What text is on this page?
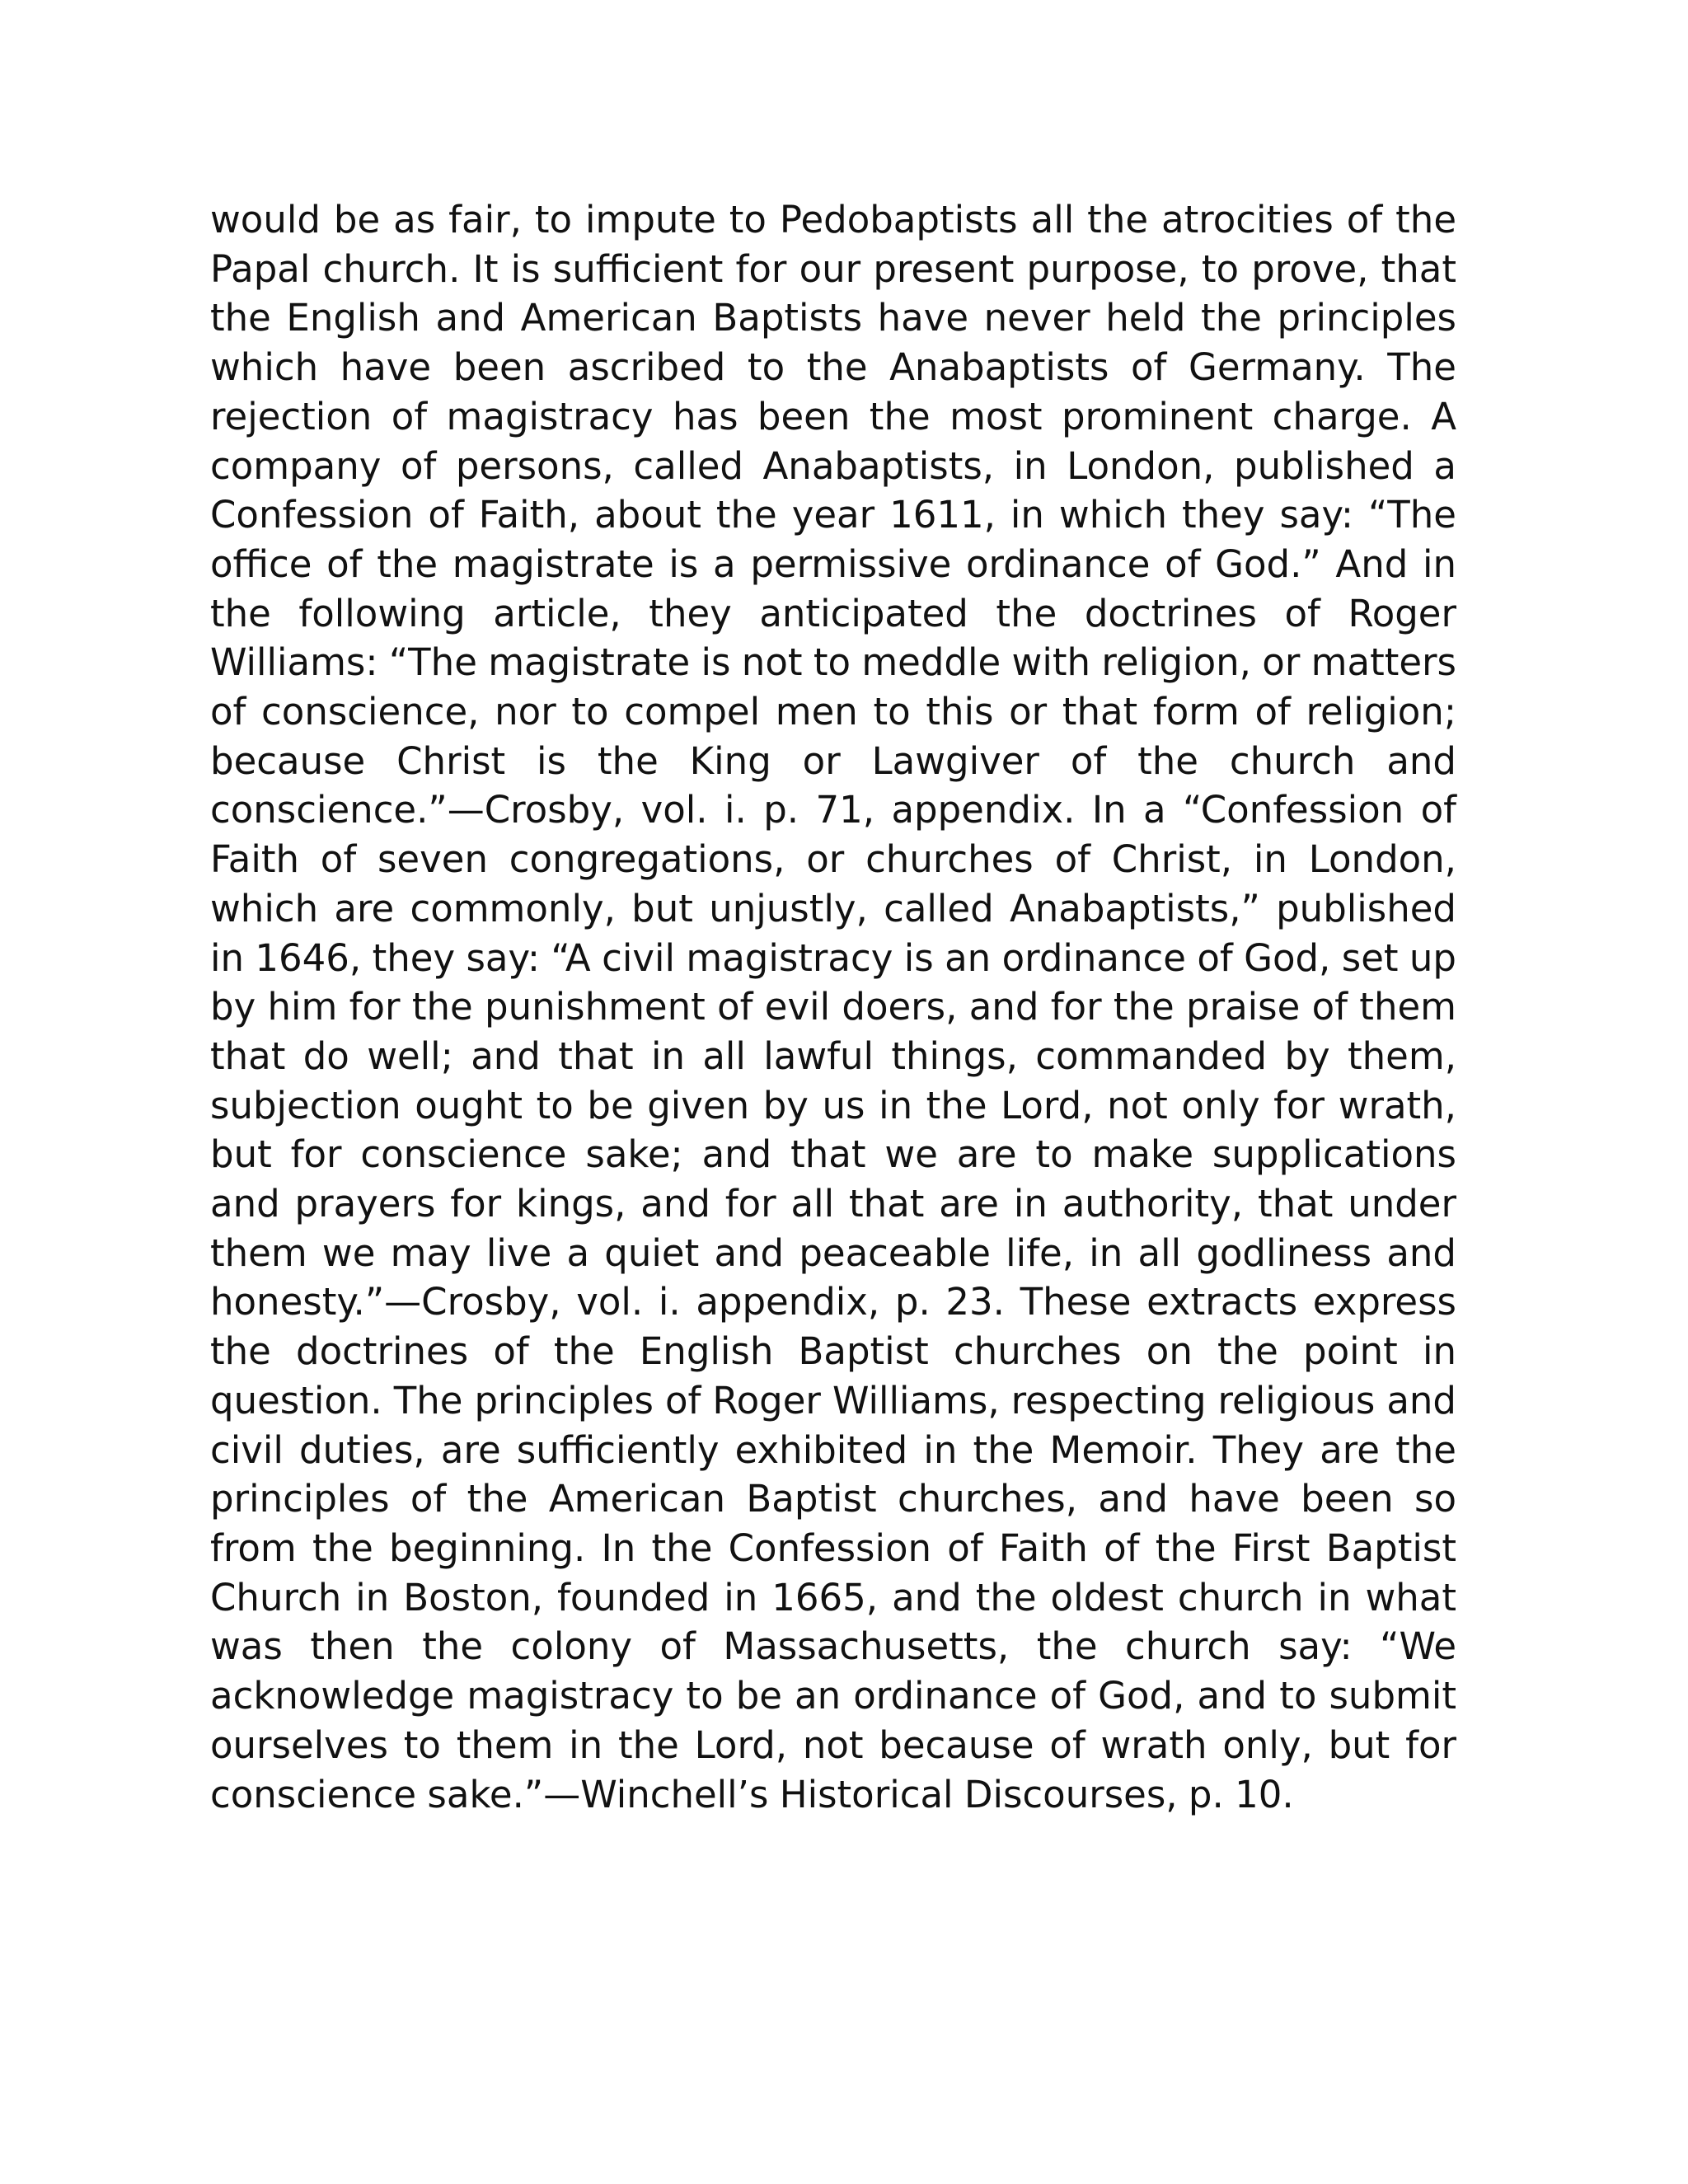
would be as fair, to impute to Pedobaptists all the atrocities of the Papal church. It is sufficient for our present purpose, to prove, that the English and American Baptists have never held the principles which have been ascribed to the Anabaptists of Germany. The rejection of magistracy has been the most prominent charge. A company of persons, called Anabaptists, in London, published a Confession of Faith, about the year 1611, in which they say: “The office of the magistrate is a permissive ordinance of God.” And in the following article, they anticipated the doctrines of Roger Williams: “The magistrate is not to meddle with religion, or matters of conscience, nor to compel men to this or that form of religion; because Christ is the King or Lawgiver of the church and conscience.”—Crosby, vol. i. p. 71, appendix. In a “Confession of Faith of seven congregations, or churches of Christ, in London, which are commonly, but unjustly, called Anabaptists,” published in 1646, they say: “A civil magistracy is an ordinance of God, set up by him for the punishment of evil doers, and for the praise of them that do well; and that in all lawful things, commanded by them, subjection ought to be given by us in the Lord, not only for wrath, but for conscience sake; and that we are to make supplications and prayers for kings, and for all that are in authority, that under them we may live a quiet and peaceable life, in all godliness and honesty.”—Crosby, vol. i. appendix, p. 23. These extracts express the doctrines of the English Baptist churches on the point in question. The principles of Roger Williams, respecting religious and civil duties, are sufficiently exhibited in the Memoir. They are the principles of the American Baptist churches, and have been so from the beginning. In the Confession of Faith of the First Baptist Church in Boston, founded in 1665, and the oldest church in what was then the colony of Massachusetts, the church say: “We acknowledge magistracy to be an ordinance of God, and to submit ourselves to them in the Lord, not because of wrath only, but for conscience sake.”—Winchell’s Historical Discourses, p. 10.
